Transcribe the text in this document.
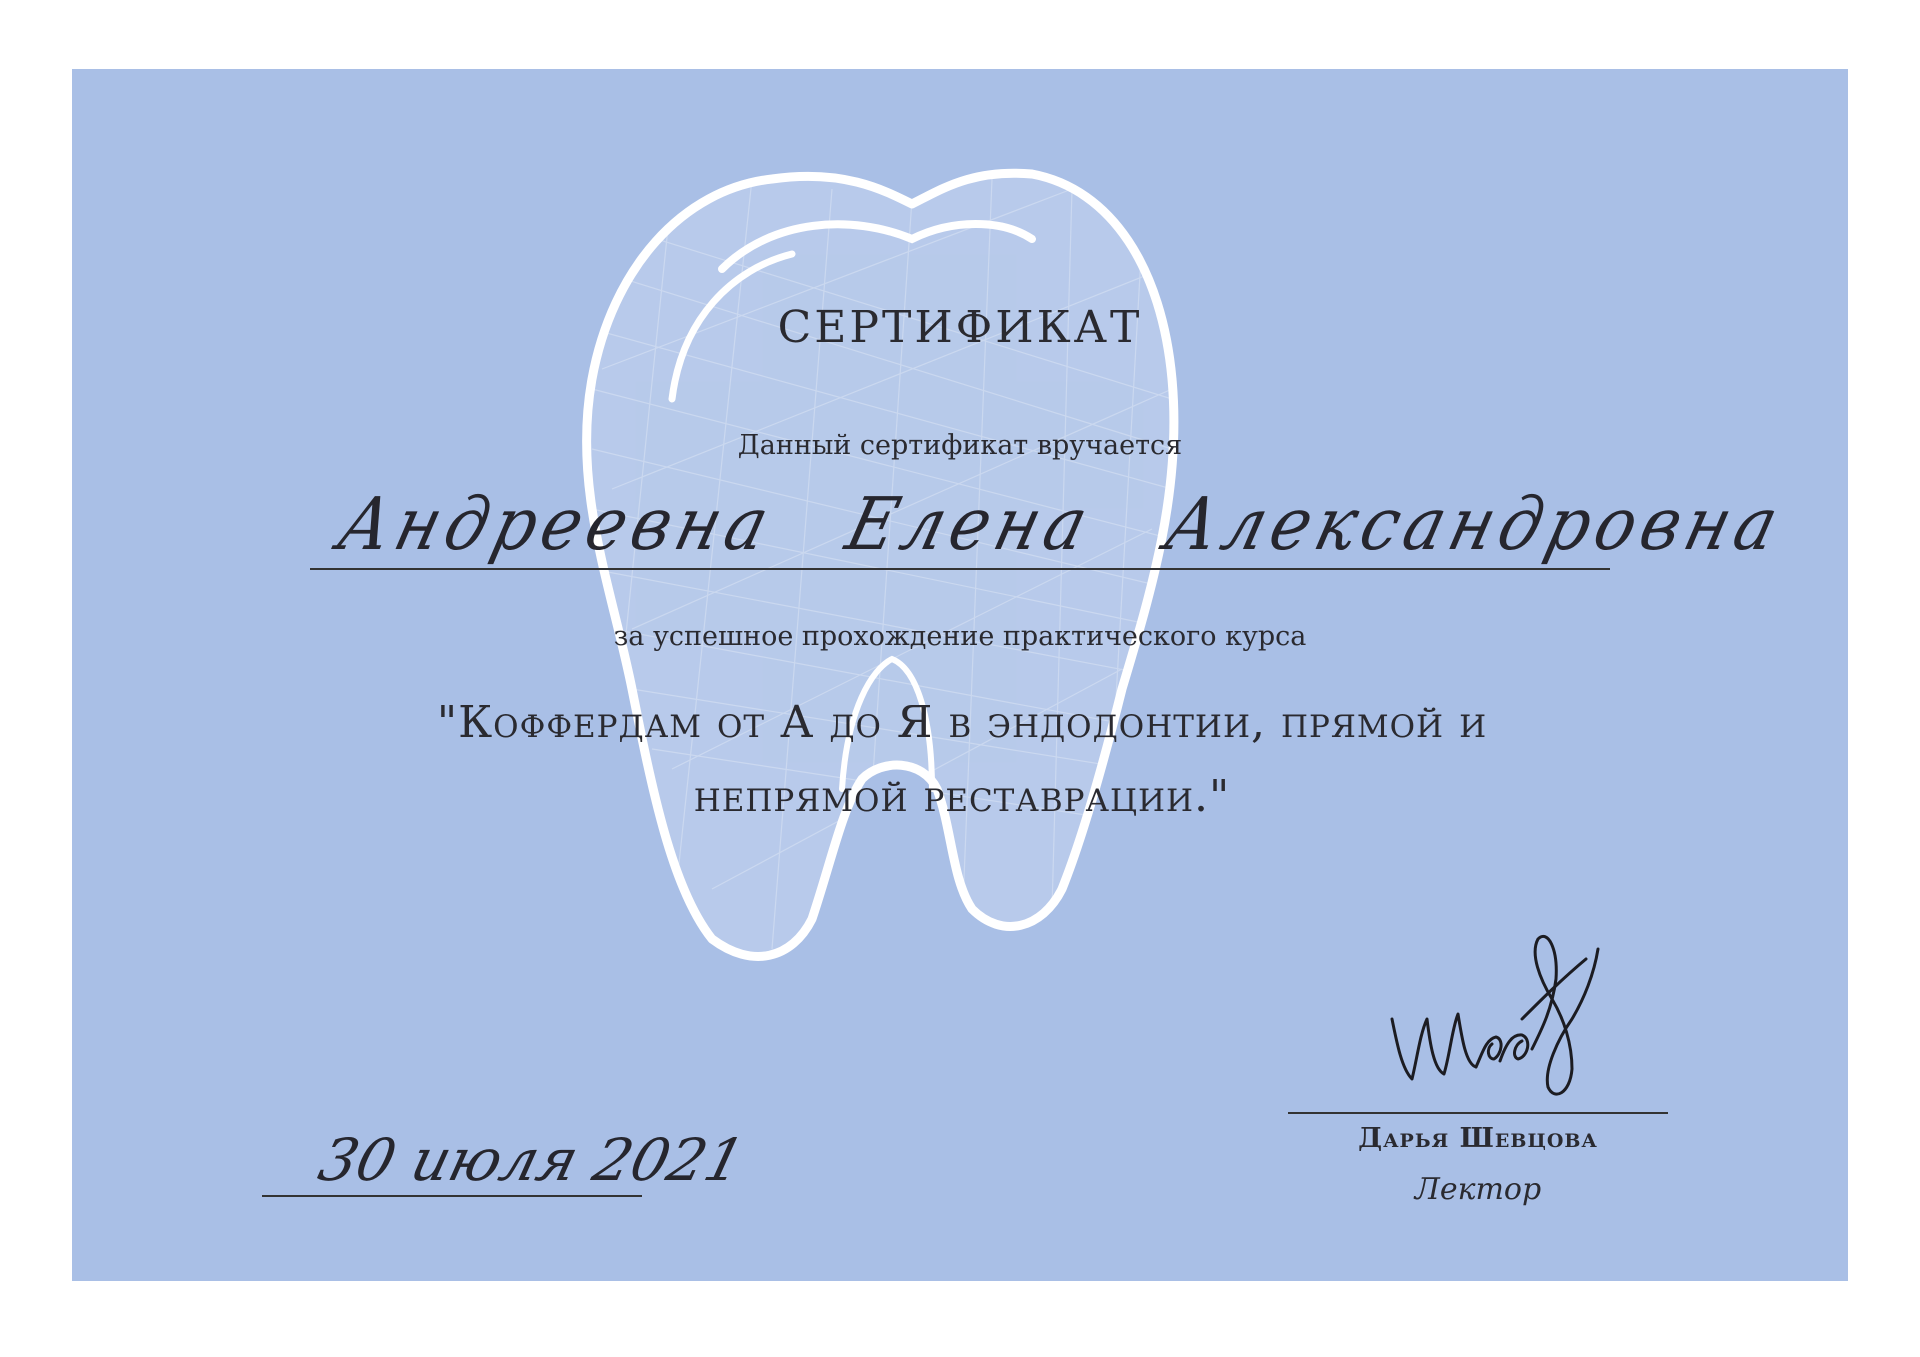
СЕРТИФИКАТ
Данный сертификат вручается
Андреевна Елена Александровна
за успешное прохождение практического курса
"Коффердам от А до Я в эндодонтии, прямой и
непрямой реставрации."
30 июля 2021	Дарья Шевцова
Лектор
